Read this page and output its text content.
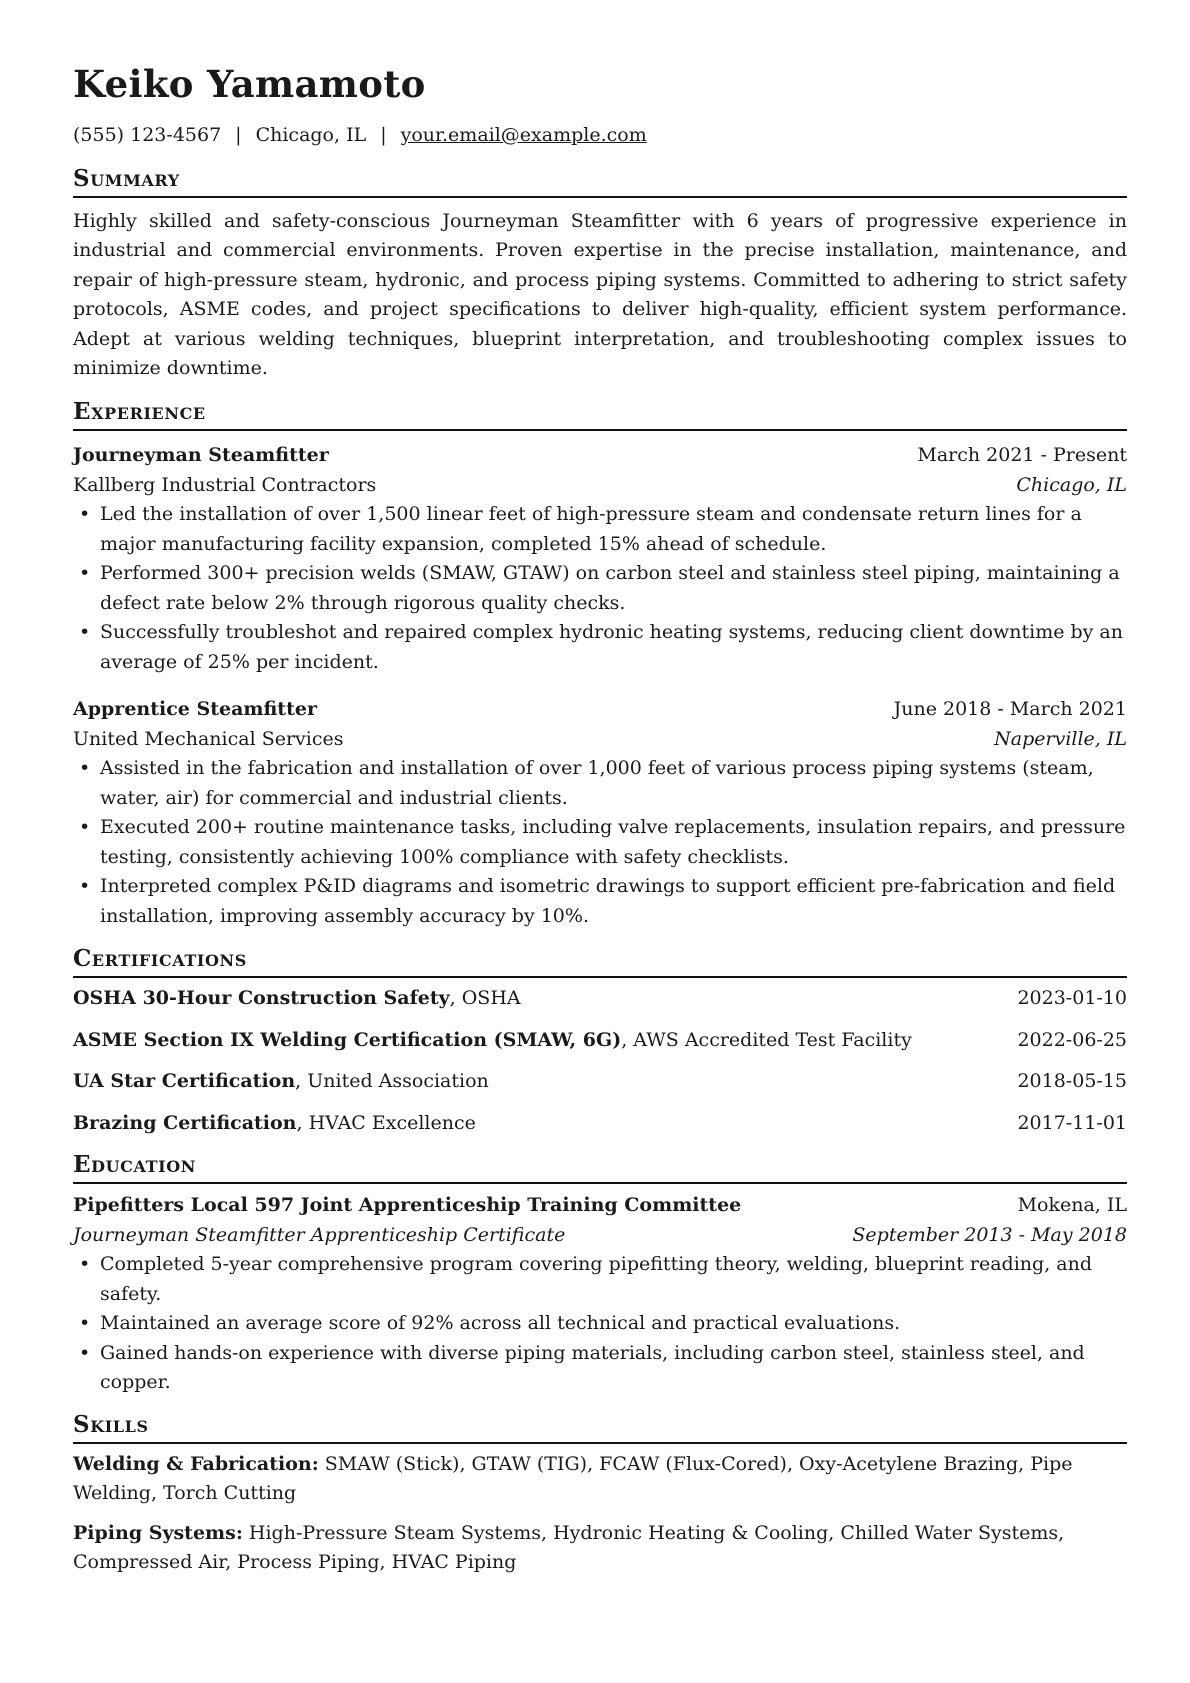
Keiko Yamamoto
(555) 123-4567 | Chicago, IL | your.email@example.com
Summary

Highly skilled and safety-conscious Journeyman Steamfitter with 6 years of progressive experience in industrial and commercial environments. Proven expertise in the precise installation, maintenance, and repair of high-pressure steam, hydronic, and process piping systems. Committed to adhering to strict safety protocols, ASME codes, and project specifications to deliver high-quality, efficient system performance. Adept at various welding techniques, blueprint interpretation, and troubleshooting complex issues to minimize downtime.

Experience
Journeyman Steamfitter	March 2021 - Present
Kallberg Industrial Contractors	Chicago, IL
• Led the installation of over 1,500 linear feet of high-pressure steam and condensate return lines for a major manufacturing facility expansion, completed 15% ahead of schedule.
• Performed 300+ precision welds (SMAW, GTAW) on carbon steel and stainless steel piping, maintaining a defect rate below 2% through rigorous quality checks.
• Successfully troubleshot and repaired complex hydronic heating systems, reducing client downtime by an average of 25% per incident.
Apprentice Steamfitter	June 2018 - March 2021
United Mechanical Services	Naperville, IL
• Assisted in the fabrication and installation of over 1,000 feet of various process piping systems (steam, water, air) for commercial and industrial clients.
• Executed 200+ routine maintenance tasks, including valve replacements, insulation repairs, and pressure testing, consistently achieving 100% compliance with safety checklists.
• Interpreted complex P&ID diagrams and isometric drawings to support efficient pre-fabrication and field installation, improving assembly accuracy by 10%.
Certifications
OSHA 30-Hour Construction Safety, OSHA	2023-01-10
ASME Section IX Welding Certification (SMAW, 6G), AWS Accredited Test Facility	2022-06-25
UA Star Certification, United Association	2018-05-15
Brazing Certification, HVAC Excellence	2017-11-01
Education
Pipefitters Local 597 Joint Apprenticeship Training Committee	Mokena, IL
Journeyman Steamfitter Apprenticeship Certificate	September 2013 - May 2018
• Completed 5-year comprehensive program covering pipefitting theory, welding, blueprint reading, and safety.
• Maintained an average score of 92% across all technical and practical evaluations.
• Gained hands-on experience with diverse piping materials, including carbon steel, stainless steel, and copper.
Skills
Welding & Fabrication: SMAW (Stick), GTAW (TIG), FCAW (Flux-Cored), Oxy-Acetylene Brazing, Pipe Welding, Torch Cutting
Piping Systems: High-Pressure Steam Systems, Hydronic Heating & Cooling, Chilled Water Systems, Compressed Air, Process Piping, HVAC Piping
